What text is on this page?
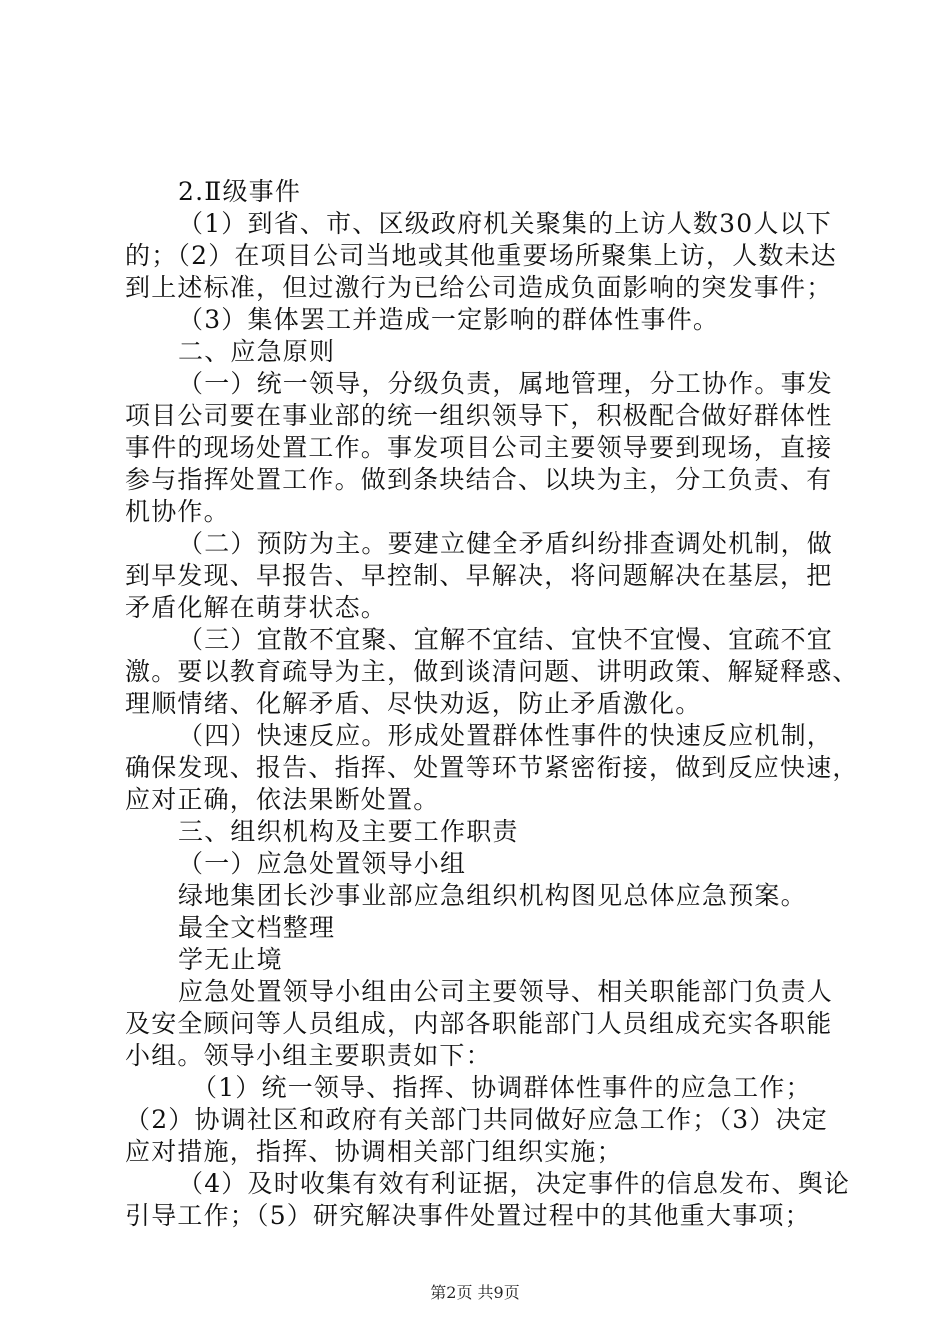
2.Ⅱ级事件
（1）到省、市、区级政府机关聚集的上访人数30人以下
的；（2）在项目公司当地或其他重要场所聚集上访，人数未达
到上述标准，但过激行为已给公司造成负面影响的突发事件；
（3）集体罢工并造成一定影响的群体性事件。
二、应急原则
（一）统一领导，分级负责，属地管理，分工协作。事发
项目公司要在事业部的统一组织领导下，积极配合做好群体性
事件的现场处置工作。事发项目公司主要领导要到现场，直接
参与指挥处置工作。做到条块结合、以块为主，分工负责、有
机协作。
（二）预防为主。要建立健全矛盾纠纷排查调处机制，做
到早发现、早报告、早控制、早解决，将问题解决在基层，把
矛盾化解在萌芽状态。
（三）宜散不宜聚、宜解不宜结、宜快不宜慢、宜疏不宜
激。要以教育疏导为主，做到谈清问题、讲明政策、解疑释惑、
理顺情绪、化解矛盾、尽快劝返，防止矛盾激化。
（四）快速反应。形成处置群体性事件的快速反应机制，
确保发现、报告、指挥、处置等环节紧密衔接，做到反应快速，
应对正确，依法果断处置。
三、组织机构及主要工作职责
（一）应急处置领导小组
绿地集团长沙事业部应急组织机构图见总体应急预案。
最全文档整理
学无止境
应急处置领导小组由公司主要领导、相关职能部门负责人
及安全顾问等人员组成，内部各职能部门人员组成充实各职能
小组。领导小组主要职责如下：
（1）统一领导、指挥、协调群体性事件的应急工作；
（2）协调社区和政府有关部门共同做好应急工作；（3）决定
应对措施，指挥、协调相关部门组织实施；
（4）及时收集有效有利证据，决定事件的信息发布、舆论
引导工作；（5）研究解决事件处置过程中的其他重大事项；
第2页 共9页
